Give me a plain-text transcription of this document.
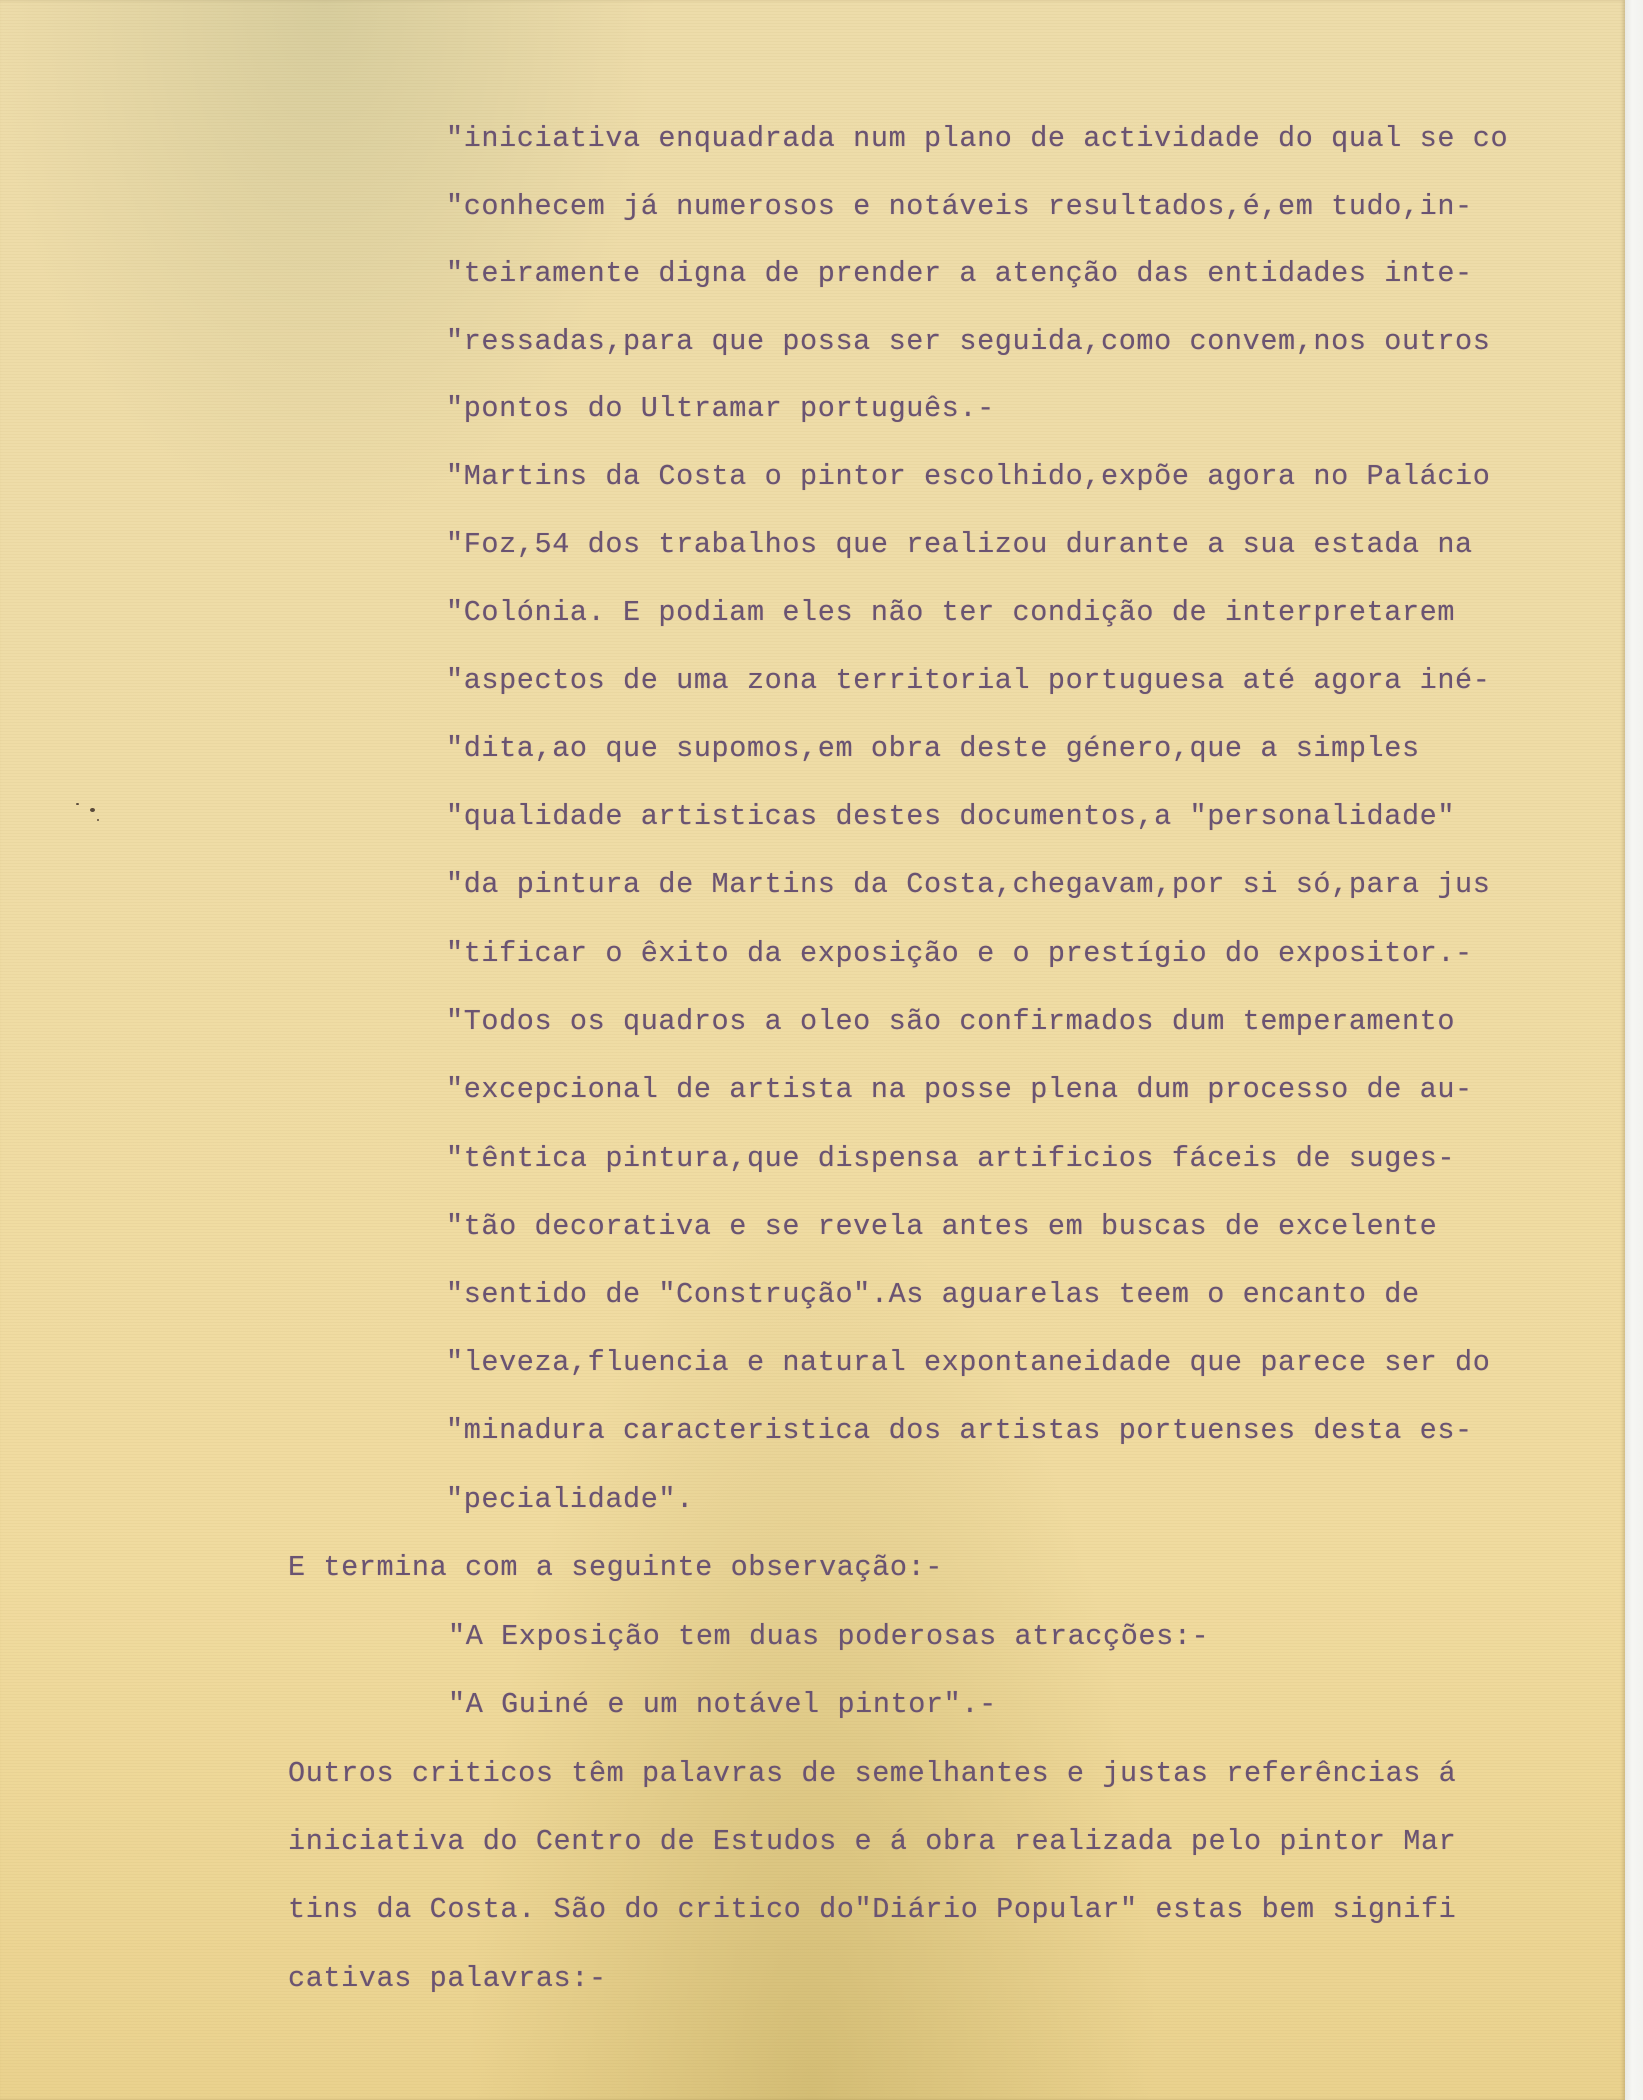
"iniciativa enquadrada num plano de actividade do qual se co
"conhecem já numerosos e notáveis resultados,é,em tudo,in-
"teiramente digna de prender a atenção das entidades inte-
"ressadas,para que possa ser seguida,como convem,nos outros
"pontos do Ultramar português.-
"Martins da Costa o pintor escolhido,expõe agora no Palácio
"Foz,54 dos trabalhos que realizou durante a sua estada na
"Colónia. E podiam eles não ter condição de interpretarem
"aspectos de uma zona territorial portuguesa até agora iné-
"dita,ao que supomos,em obra deste género,que a simples
"qualidade artisticas destes documentos,a "personalidade"
"da pintura de Martins da Costa,chegavam,por si só,para jus
"tificar o êxito da exposição e o prestígio do expositor.-
"Todos os quadros a oleo são confirmados dum temperamento
"excepcional de artista na posse plena dum processo de au-
"têntica pintura,que dispensa artificios fáceis de suges-
"tão decorativa e se revela antes em buscas de excelente
"sentido de "Construção".As aguarelas teem o encanto de
"leveza,fluencia e natural expontaneidade que parece ser do
"minadura caracteristica dos artistas portuenses desta es-
"pecialidade".
E termina com a seguinte observação:-
"A Exposição tem duas poderosas atracções:-
"A Guiné e um notável pintor".-
Outros criticos têm palavras de semelhantes e justas referências á
iniciativa do Centro de Estudos e á obra realizada pelo pintor Mar
tins da Costa. São do critico do"Diário Popular" estas bem signifi
cativas palavras:-
